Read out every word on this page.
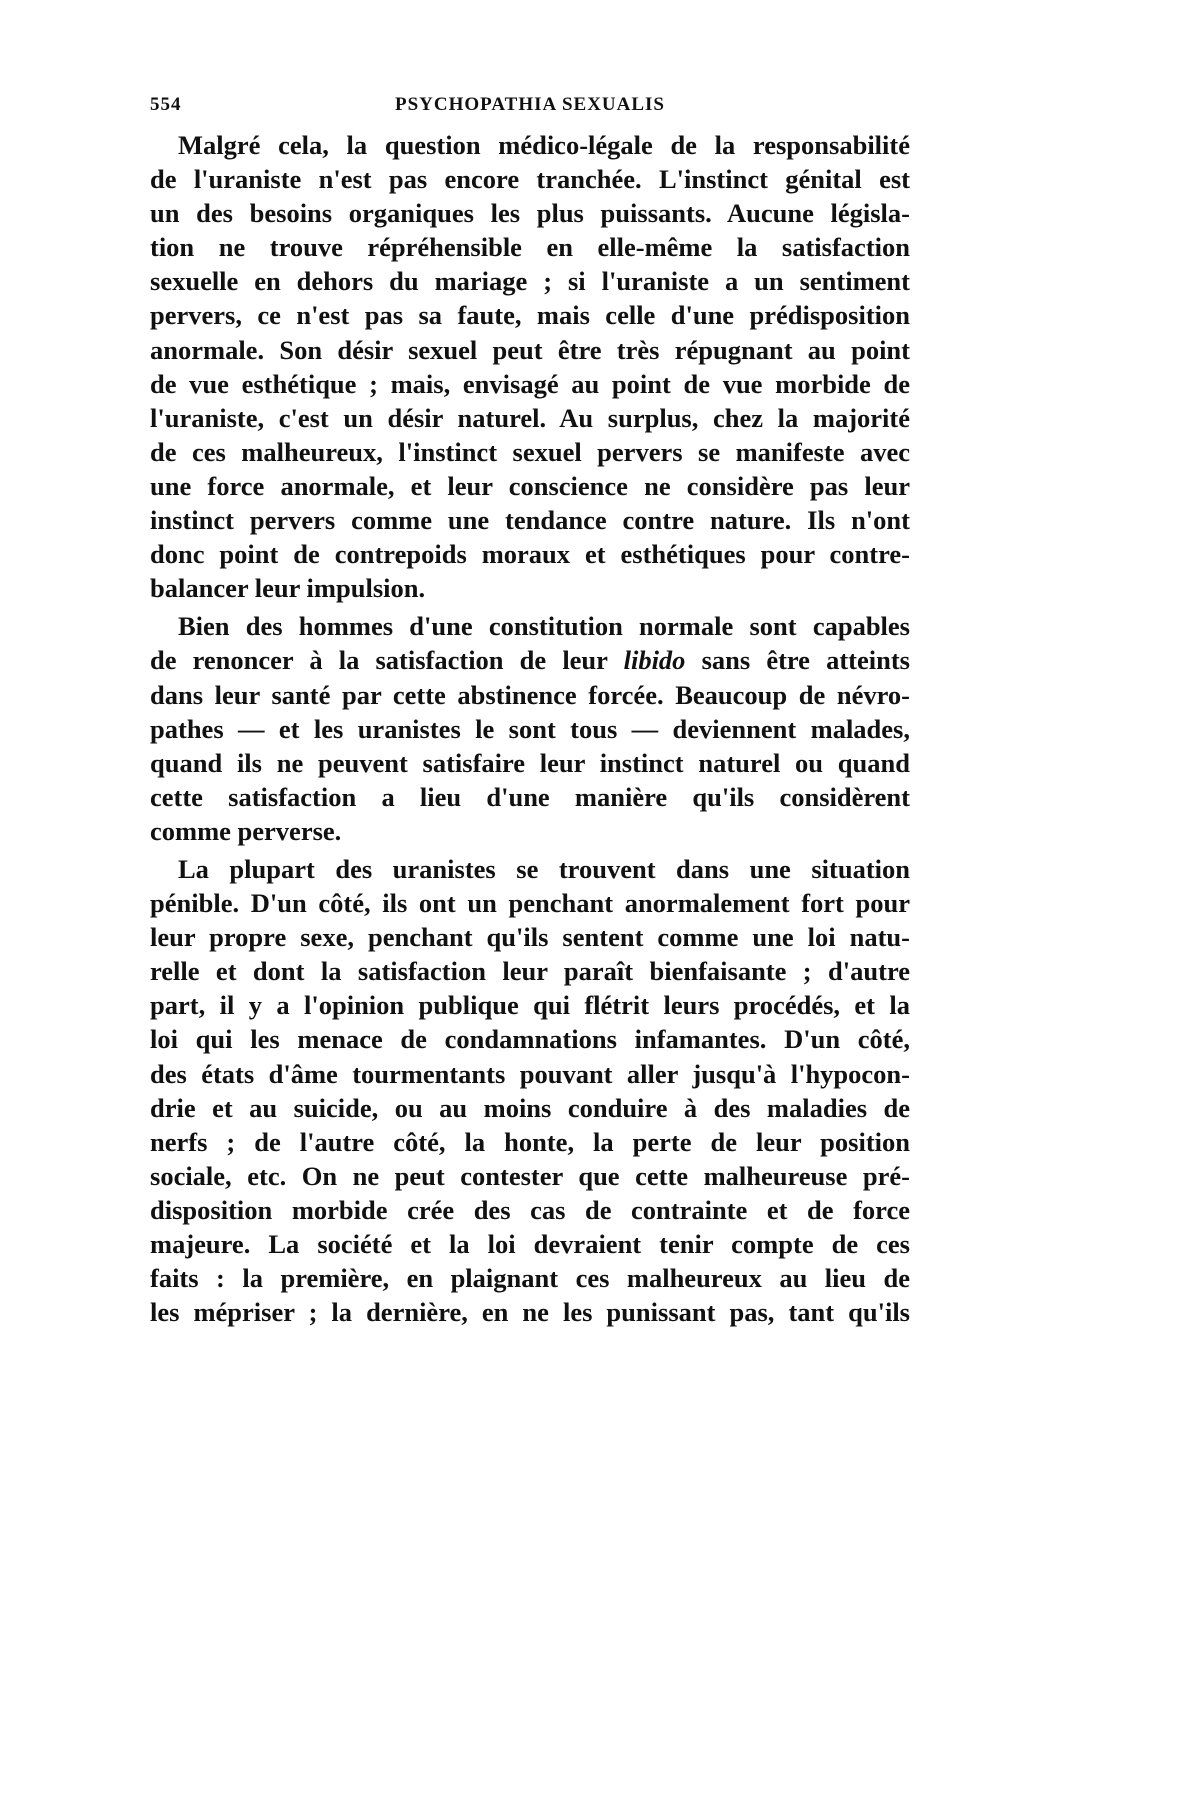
554	PSYCHOPATHIA SEXUALIS
Malgré cela, la question médico-légale de la responsabilité
de l'uraniste n'est pas encore tranchée. L'instinct génital est
un des besoins organiques les plus puissants. Aucune législa-
tion ne trouve répréhensible en elle-même la satisfaction
sexuelle en dehors du mariage ; si l'uraniste a un sentiment
pervers, ce n'est pas sa faute, mais celle d'une prédisposition
anormale. Son désir sexuel peut être très répugnant au point
de vue esthétique ; mais, envisagé au point de vue morbide de
l'uraniste, c'est un désir naturel. Au surplus, chez la majorité
de ces malheureux, l'instinct sexuel pervers se manifeste avec
une force anormale, et leur conscience ne considère pas leur
instinct pervers comme une tendance contre nature. Ils n'ont
donc point de contrepoids moraux et esthétiques pour contre-
balancer leur impulsion.
Bien des hommes d'une constitution normale sont capables
de renoncer à la satisfaction de leur libido sans être atteints
dans leur santé par cette abstinence forcée. Beaucoup de névro-
pathes — et les uranistes le sont tous — deviennent malades,
quand ils ne peuvent satisfaire leur instinct naturel ou quand
cette satisfaction a lieu d'une manière qu'ils considèrent
comme perverse.
La plupart des uranistes se trouvent dans une situation
pénible. D'un côté, ils ont un penchant anormalement fort pour
leur propre sexe, penchant qu'ils sentent comme une loi natu-
relle et dont la satisfaction leur paraît bienfaisante ; d'autre
part, il y a l'opinion publique qui flétrit leurs procédés, et la
loi qui les menace de condamnations infamantes. D'un côté,
des états d'âme tourmentants pouvant aller jusqu'à l'hypocon-
drie et au suicide, ou au moins conduire à des maladies de
nerfs ; de l'autre côté, la honte, la perte de leur position
sociale, etc. On ne peut contester que cette malheureuse pré-
disposition morbide crée des cas de contrainte et de force
majeure. La société et la loi devraient tenir compte de ces
faits : la première, en plaignant ces malheureux au lieu de
les mépriser ; la dernière, en ne les punissant pas, tant qu'ils
